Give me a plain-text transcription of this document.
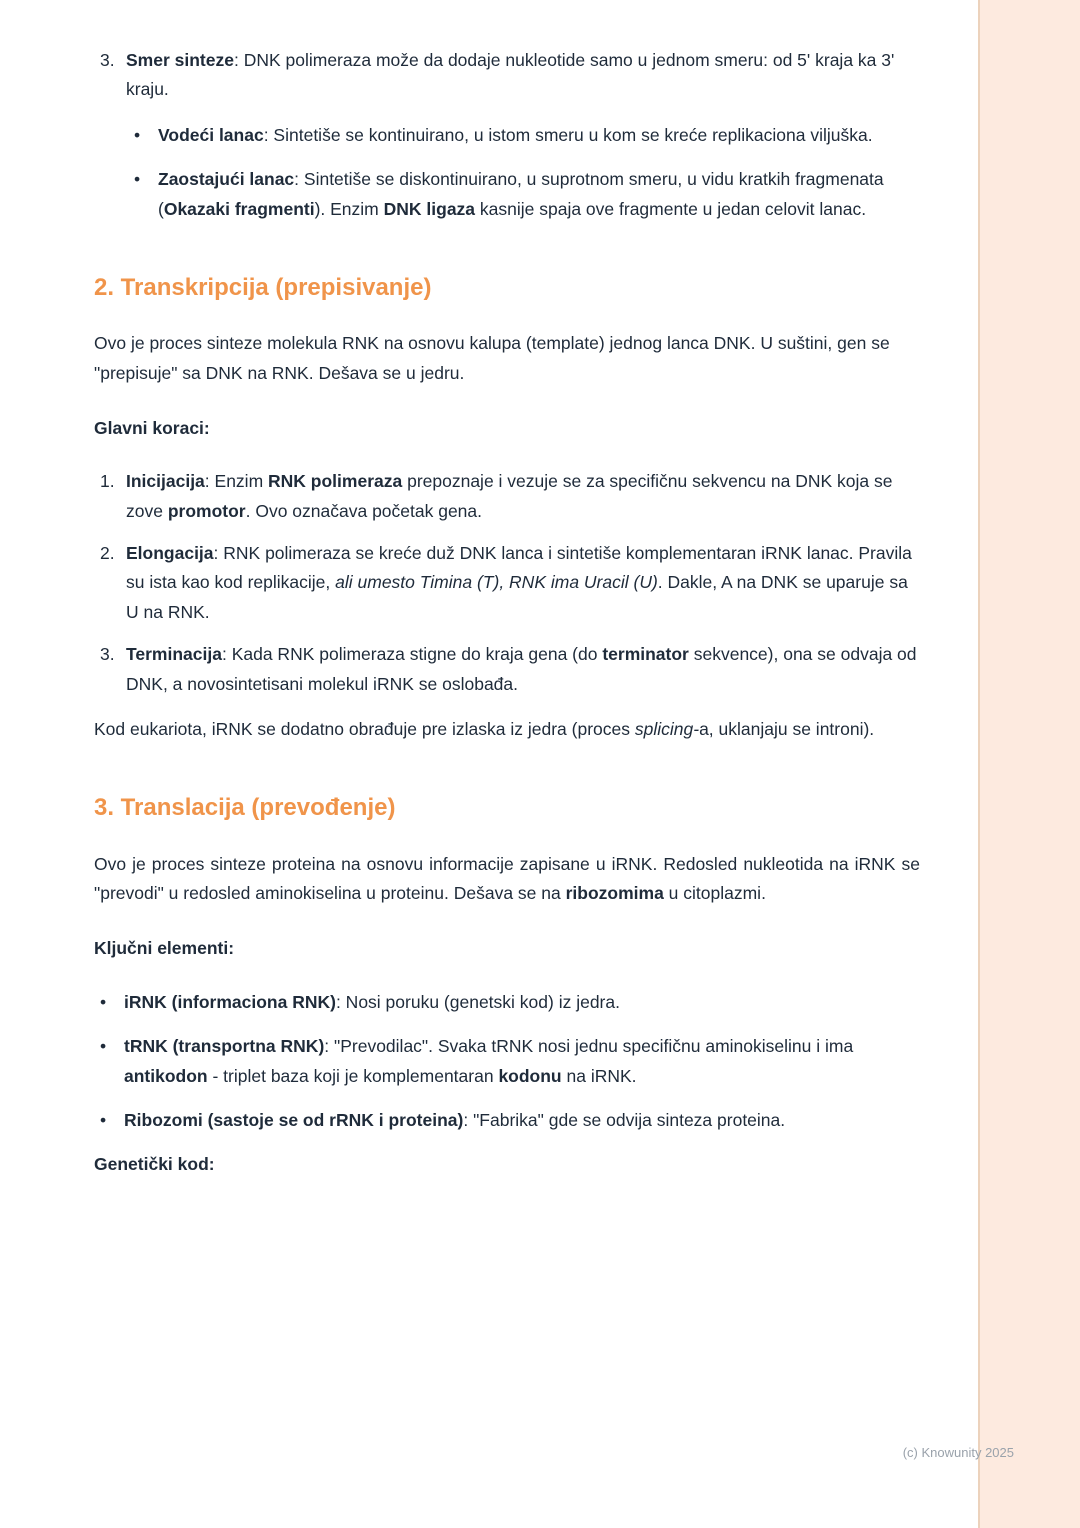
3. Smer sinteze: DNK polimeraza može da dodaje nukleotide samo u jednom smeru: od 5' kraja ka 3' kraju.
•	Vodeći lanac: Sintetiše se kontinuirano, u istom smeru u kom se kreće replikaciona viljuška.
•	Zaostajući lanac: Sintetiše se diskontinuirano, u suprotnom smeru, u vidu kratkih fragmenata (Okazaki fragmenti). Enzim DNK ligaza kasnije spaja ove fragmente u jedan celovit lanac.
2. Transkripcija (prepisivanje)

Ovo je proces sinteze molekula RNK na osnovu kalupa (template) jednog lanca DNK. U suštini, gen se "prepisuje" sa DNK na RNK. Dešava se u jedru.

Glavni koraci:

1. Inicijacija: Enzim RNK polimeraza prepoznaje i vezuje se za specifičnu sekvencu na DNK koja se zove promotor. Ovo označava početak gena.
2. Elongacija: RNK polimeraza se kreće duž DNK lanca i sintetiše komplementaran iRNK lanac. Pravila su ista kao kod replikacije, ali umesto Timina (T), RNK ima Uracil (U). Dakle, A na DNK se uparuje sa U na RNK.
3. Terminacija: Kada RNK polimeraza stigne do kraja gena (do terminator sekvence), ona se odvaja od DNK, a novosintetisani molekul iRNK se oslobađa.

Kod eukariota, iRNK se dodatno obrađuje pre izlaska iz jedra (proces splicing-a, uklanjaju se introni).

3. Translacija (prevođenje)

Ovo je proces sinteze proteina na osnovu informacije zapisane u iRNK. Redosled nukleotida na iRNK se "prevodi" u redosled aminokiselina u proteinu. Dešava se na ribozomima u citoplazmi.

Ključni elementi:

•	iRNK (informaciona RNK): Nosi poruku (genetski kod) iz jedra.
•	tRNK (transportna RNK): "Prevodilac". Svaka tRNK nosi jednu specifičnu aminokiselinu i ima antikodon - triplet baza koji je komplementaran kodonu na iRNK.
•	Ribozomi (sastoje se od rRNK i proteina): "Fabrika" gde se odvija sinteza proteina.

Genetički kod:

(c) Knowunity 2025
